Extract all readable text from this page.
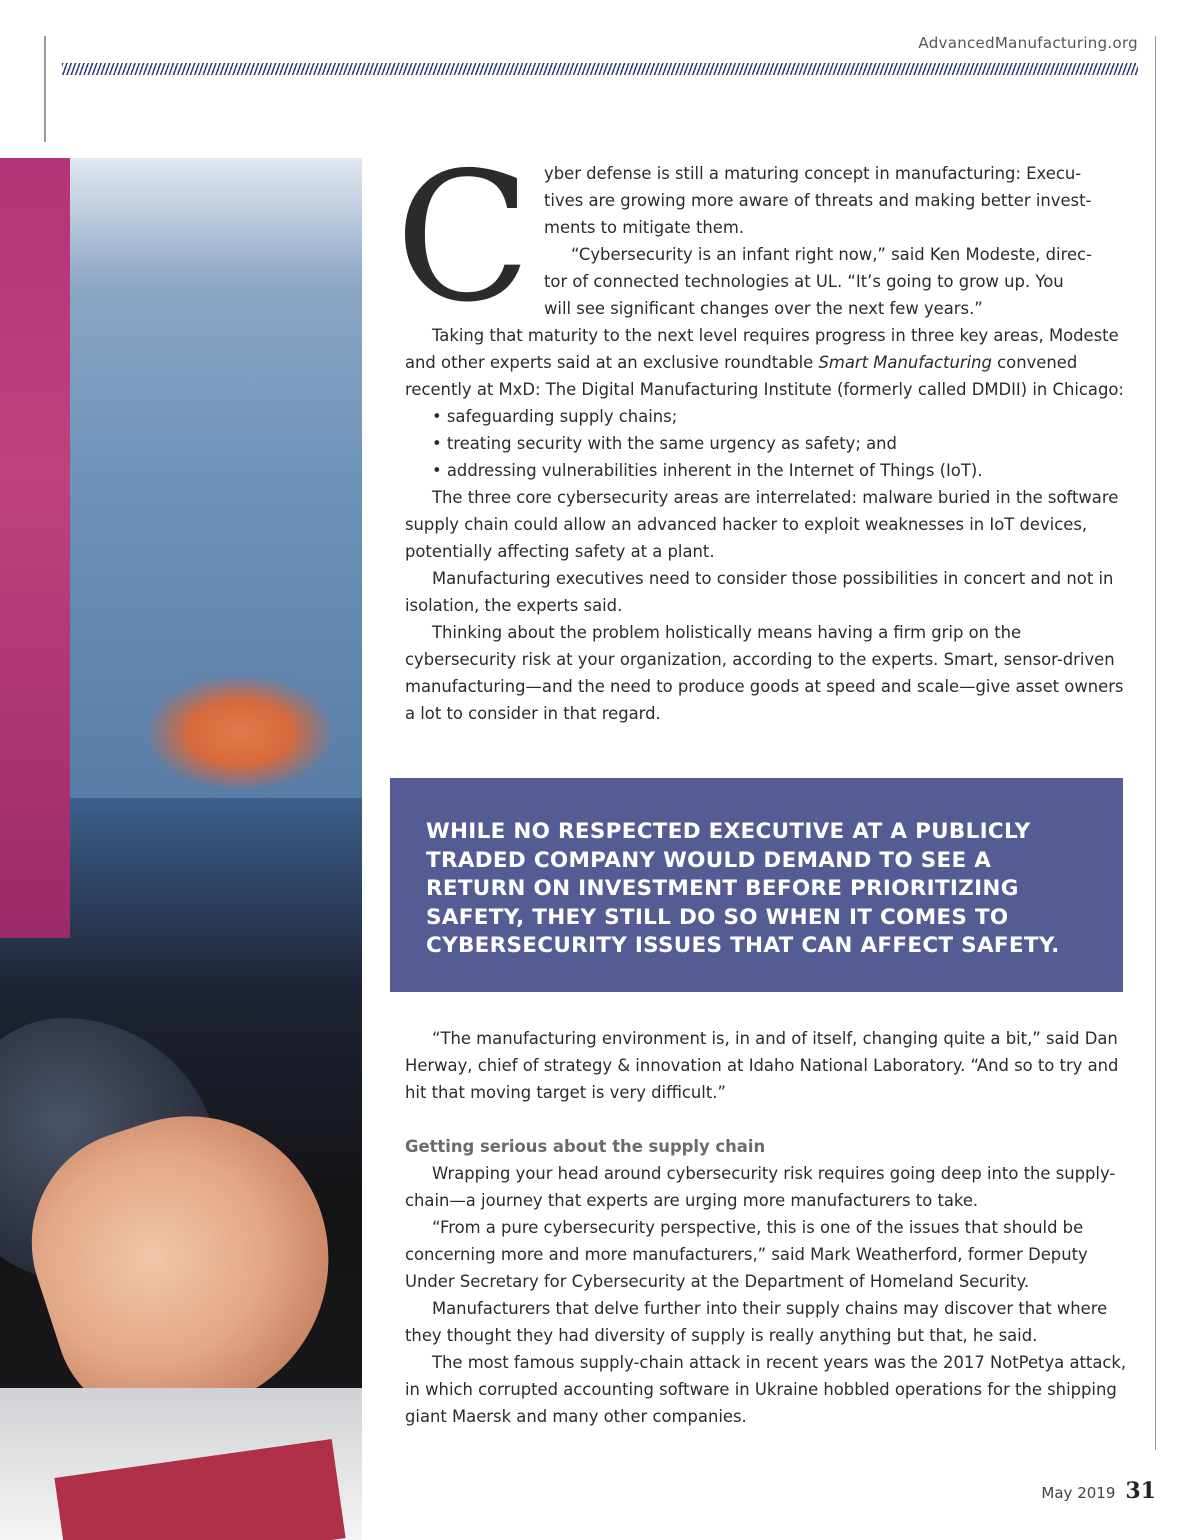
AdvancedManufacturing.org
C yber defense is still a maturing concept in manufacturing: Execu-
tives are growing more aware of threats and making better invest-
ments to mitigate them.
“Cybersecurity is an infant right now,” said Ken Modeste, direc-
tor of connected technologies at UL. “It’s going to grow up. You
will see significant changes over the next few years.”

Taking that maturity to the next level requires progress in three key areas, Modeste and other experts said at an exclusive roundtable Smart Manufacturing convened recently at MxD: The Digital Manufacturing Institute (formerly called DMDII) in Chicago:

• safeguarding supply chains;
• treating security with the same urgency as safety; and
• addressing vulnerabilities inherent in the Internet of Things (IoT).

The three core cybersecurity areas are interrelated: malware buried in the software supply chain could allow an advanced hacker to exploit weaknesses in IoT devices, potentially affecting safety at a plant.

Manufacturing executives need to consider those possibilities in concert and not in isolation, the experts said.

Thinking about the problem holistically means having a firm grip on the cybersecurity risk at your organization, according to the experts. Smart, sensor-driven manufacturing—and the need to produce goods at speed and scale—give asset owners a lot to consider in that regard.

WHILE NO RESPECTED EXECUTIVE AT A PUBLICLY TRADED COMPANY WOULD DEMAND TO SEE A RETURN ON INVESTMENT BEFORE PRIORITIZING SAFETY, THEY STILL DO SO WHEN IT COMES TO CYBERSECURITY ISSUES THAT CAN AFFECT SAFETY.

“The manufacturing environment is, in and of itself, changing quite a bit,” said Dan Herway, chief of strategy & innovation at Idaho National Laboratory. “And so to try and hit that moving target is very difficult.”

Getting serious about the supply chain

Wrapping your head around cybersecurity risk requires going deep into the supply-chain—a journey that experts are urging more manufacturers to take.

“From a pure cybersecurity perspective, this is one of the issues that should be concerning more and more manufacturers,” said Mark Weatherford, former Deputy Under Secretary for Cybersecurity at the Department of Homeland Security.

Manufacturers that delve further into their supply chains may discover that where they thought they had diversity of supply is really anything but that, he said.

The most famous supply-chain attack in recent years was the 2017 NotPetya attack, in which corrupted accounting software in Ukraine hobbled operations for the shipping giant Maersk and many other companies.

May 2019 31
